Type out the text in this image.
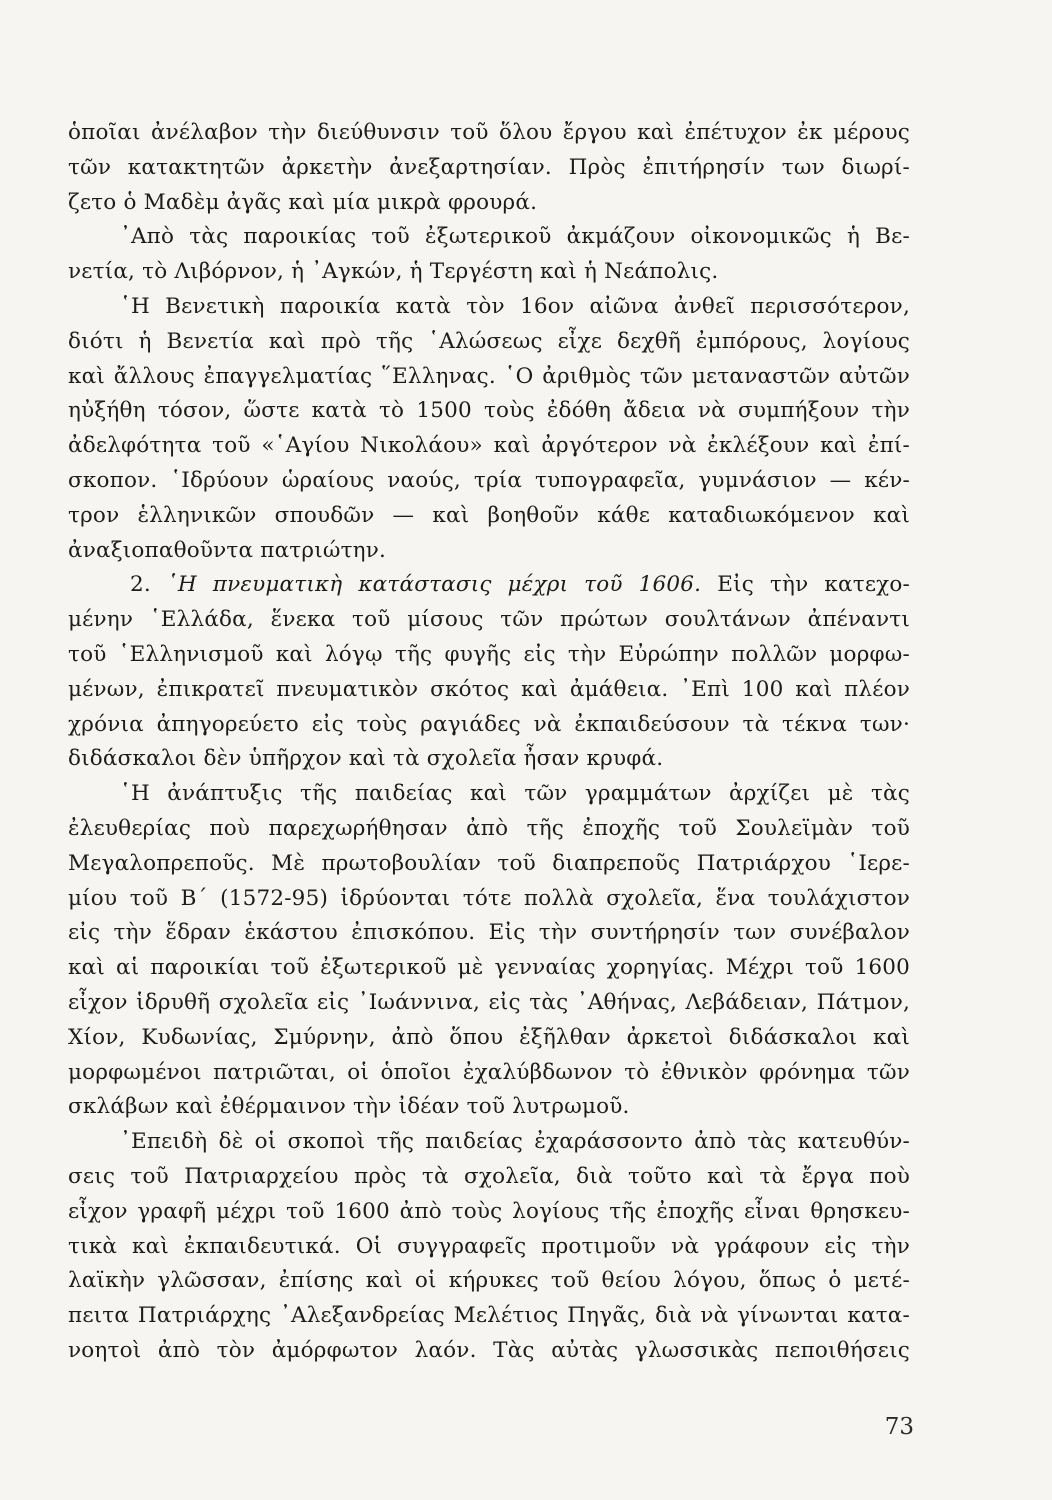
ὁποῖαι ἀνέλαβον τὴν διεύθυνσιν τοῦ ὅλου ἔργου καὶ ἐπέτυχον ἐκ μέρους
τῶν κατακτητῶν ἀρκετὴν ἀνεξαρτησίαν. Πρὸς ἐπιτήρησίν των διωρί-
ζετο ὁ Μαδὲμ ἀγᾶς καὶ μία μικρὰ φρουρά.
᾿Απὸ τὰς παροικίας τοῦ ἐξωτερικοῦ ἀκμάζουν οἰκονομικῶς ἡ Βε-
νετία, τὸ Λιβόρνον, ἡ ᾿Αγκών, ἡ Τεργέστη καὶ ἡ Νεάπολις.
῾Η Βενετικὴ παροικία κατὰ τὸν 16ον αἰῶνα ἀνθεῖ περισσότερον,
διότι ἡ Βενετία καὶ πρὸ τῆς ῾Αλώσεως εἶχε δεχθῆ ἐμπόρους, λογίους
καὶ ἄλλους ἐπαγγελματίας ῞Ελληνας. ῾Ο ἀριθμὸς τῶν μεταναστῶν αὐτῶν
ηὐξήθη τόσον, ὥστε κατὰ τὸ 1500 τοὺς ἐδόθη ἄδεια νὰ συμπήξουν τὴν
ἀδελφότητα τοῦ «῾Αγίου Νικολάου» καὶ ἀργότερον νὰ ἐκλέξουν καὶ ἐπί-
σκοπον. ῾Ιδρύουν ὡραίους ναούς, τρία τυπογραφεῖα, γυμνάσιον — κέν-
τρον ἑλληνικῶν σπουδῶν — καὶ βοηθοῦν κάθε καταδιωκόμενον καὶ
ἀναξιοπαθοῦντα πατριώτην.
2. ῾Η πνευματικὴ κατάστασις μέχρι τοῦ 1606. Εἰς τὴν κατεχο-
μένην ῾Ελλάδα, ἕνεκα τοῦ μίσους τῶν πρώτων σουλτάνων ἀπέναντι
τοῦ ῾Ελληνισμοῦ καὶ λόγῳ τῆς φυγῆς εἰς τὴν Εὐρώπην πολλῶν μορφω-
μένων, ἐπικρατεῖ πνευματικὸν σκότος καὶ ἀμάθεια. ᾿Επὶ 100 καὶ πλέον
χρόνια ἀπηγορεύετο εἰς τοὺς ραγιάδες νὰ ἐκπαιδεύσουν τὰ τέκνα των·
διδάσκαλοι δὲν ὑπῆρχον καὶ τὰ σχολεῖα ἦσαν κρυφά.
῾Η ἀνάπτυξις τῆς παιδείας καὶ τῶν γραμμάτων ἀρχίζει μὲ τὰς
ἐλευθερίας ποὺ παρεχωρήθησαν ἀπὸ τῆς ἐποχῆς τοῦ Σουλεϊμὰν τοῦ
Μεγαλοπρεποῦς. Μὲ πρωτοβουλίαν τοῦ διαπρεποῦς Πατριάρχου ῾Ιερε-
μίου τοῦ Β΄ (1572-95) ἱδρύονται τότε πολλὰ σχολεῖα, ἕνα τουλάχιστον
εἰς τὴν ἕδραν ἑκάστου ἐπισκόπου. Εἰς τὴν συντήρησίν των συνέβαλον
καὶ αἱ παροικίαι τοῦ ἐξωτερικοῦ μὲ γενναίας χορηγίας. Μέχρι τοῦ 1600
εἶχον ἱδρυθῆ σχολεῖα εἰς ᾿Ιωάννινα, εἰς τὰς ᾿Αθήνας, Λεβάδειαν, Πάτμον,
Χίον, Κυδωνίας, Σμύρνην, ἀπὸ ὅπου ἐξῆλθαν ἀρκετοὶ διδάσκαλοι καὶ
μορφωμένοι πατριῶται, οἱ ὁποῖοι ἐχαλύβδωνον τὸ ἐθνικὸν φρόνημα τῶν
σκλάβων καὶ ἐθέρμαινον τὴν ἰδέαν τοῦ λυτρωμοῦ.
᾿Επειδὴ δὲ οἱ σκοποὶ τῆς παιδείας ἐχαράσσοντο ἀπὸ τὰς κατευθύν-
σεις τοῦ Πατριαρχείου πρὸς τὰ σχολεῖα, διὰ τοῦτο καὶ τὰ ἔργα ποὺ
εἶχον γραφῆ μέχρι τοῦ 1600 ἀπὸ τοὺς λογίους τῆς ἐποχῆς εἶναι θρησκευ-
τικὰ καὶ ἐκπαιδευτικά. Οἱ συγγραφεῖς προτιμοῦν νὰ γράφουν εἰς τὴν
λαϊκὴν γλῶσσαν, ἐπίσης καὶ οἱ κήρυκες τοῦ θείου λόγου, ὅπως ὁ μετέ-
πειτα Πατριάρχης ᾿Αλεξανδρείας Μελέτιος Πηγᾶς, διὰ νὰ γίνωνται κατα-
νοητοὶ ἀπὸ τὸν ἀμόρφωτον λαόν. Τὰς αὐτὰς γλωσσικὰς πεποιθήσεις
73
